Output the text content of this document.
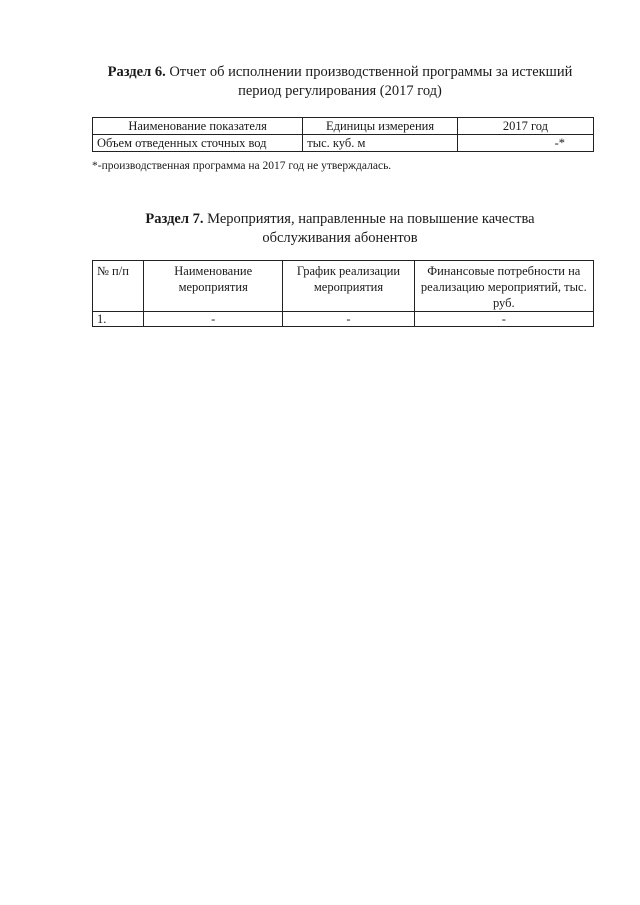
Раздел 6. Отчет об исполнении производственной программы за истекший
период регулирования (2017 год)
Наименование показателя	Единицы измерения	2017 год
Объем отведенных сточных вод	тыс. куб. м	-*
*-производственная программа на 2017 год не утверждалась.
Раздел 7. Мероприятия, направленные на повышение качества
обслуживания абонентов
№ п/п	Наименование мероприятия	График реализации мероприятия	Финансовые потребности на реализацию мероприятий, тыс. руб.
1.	-	-	-
